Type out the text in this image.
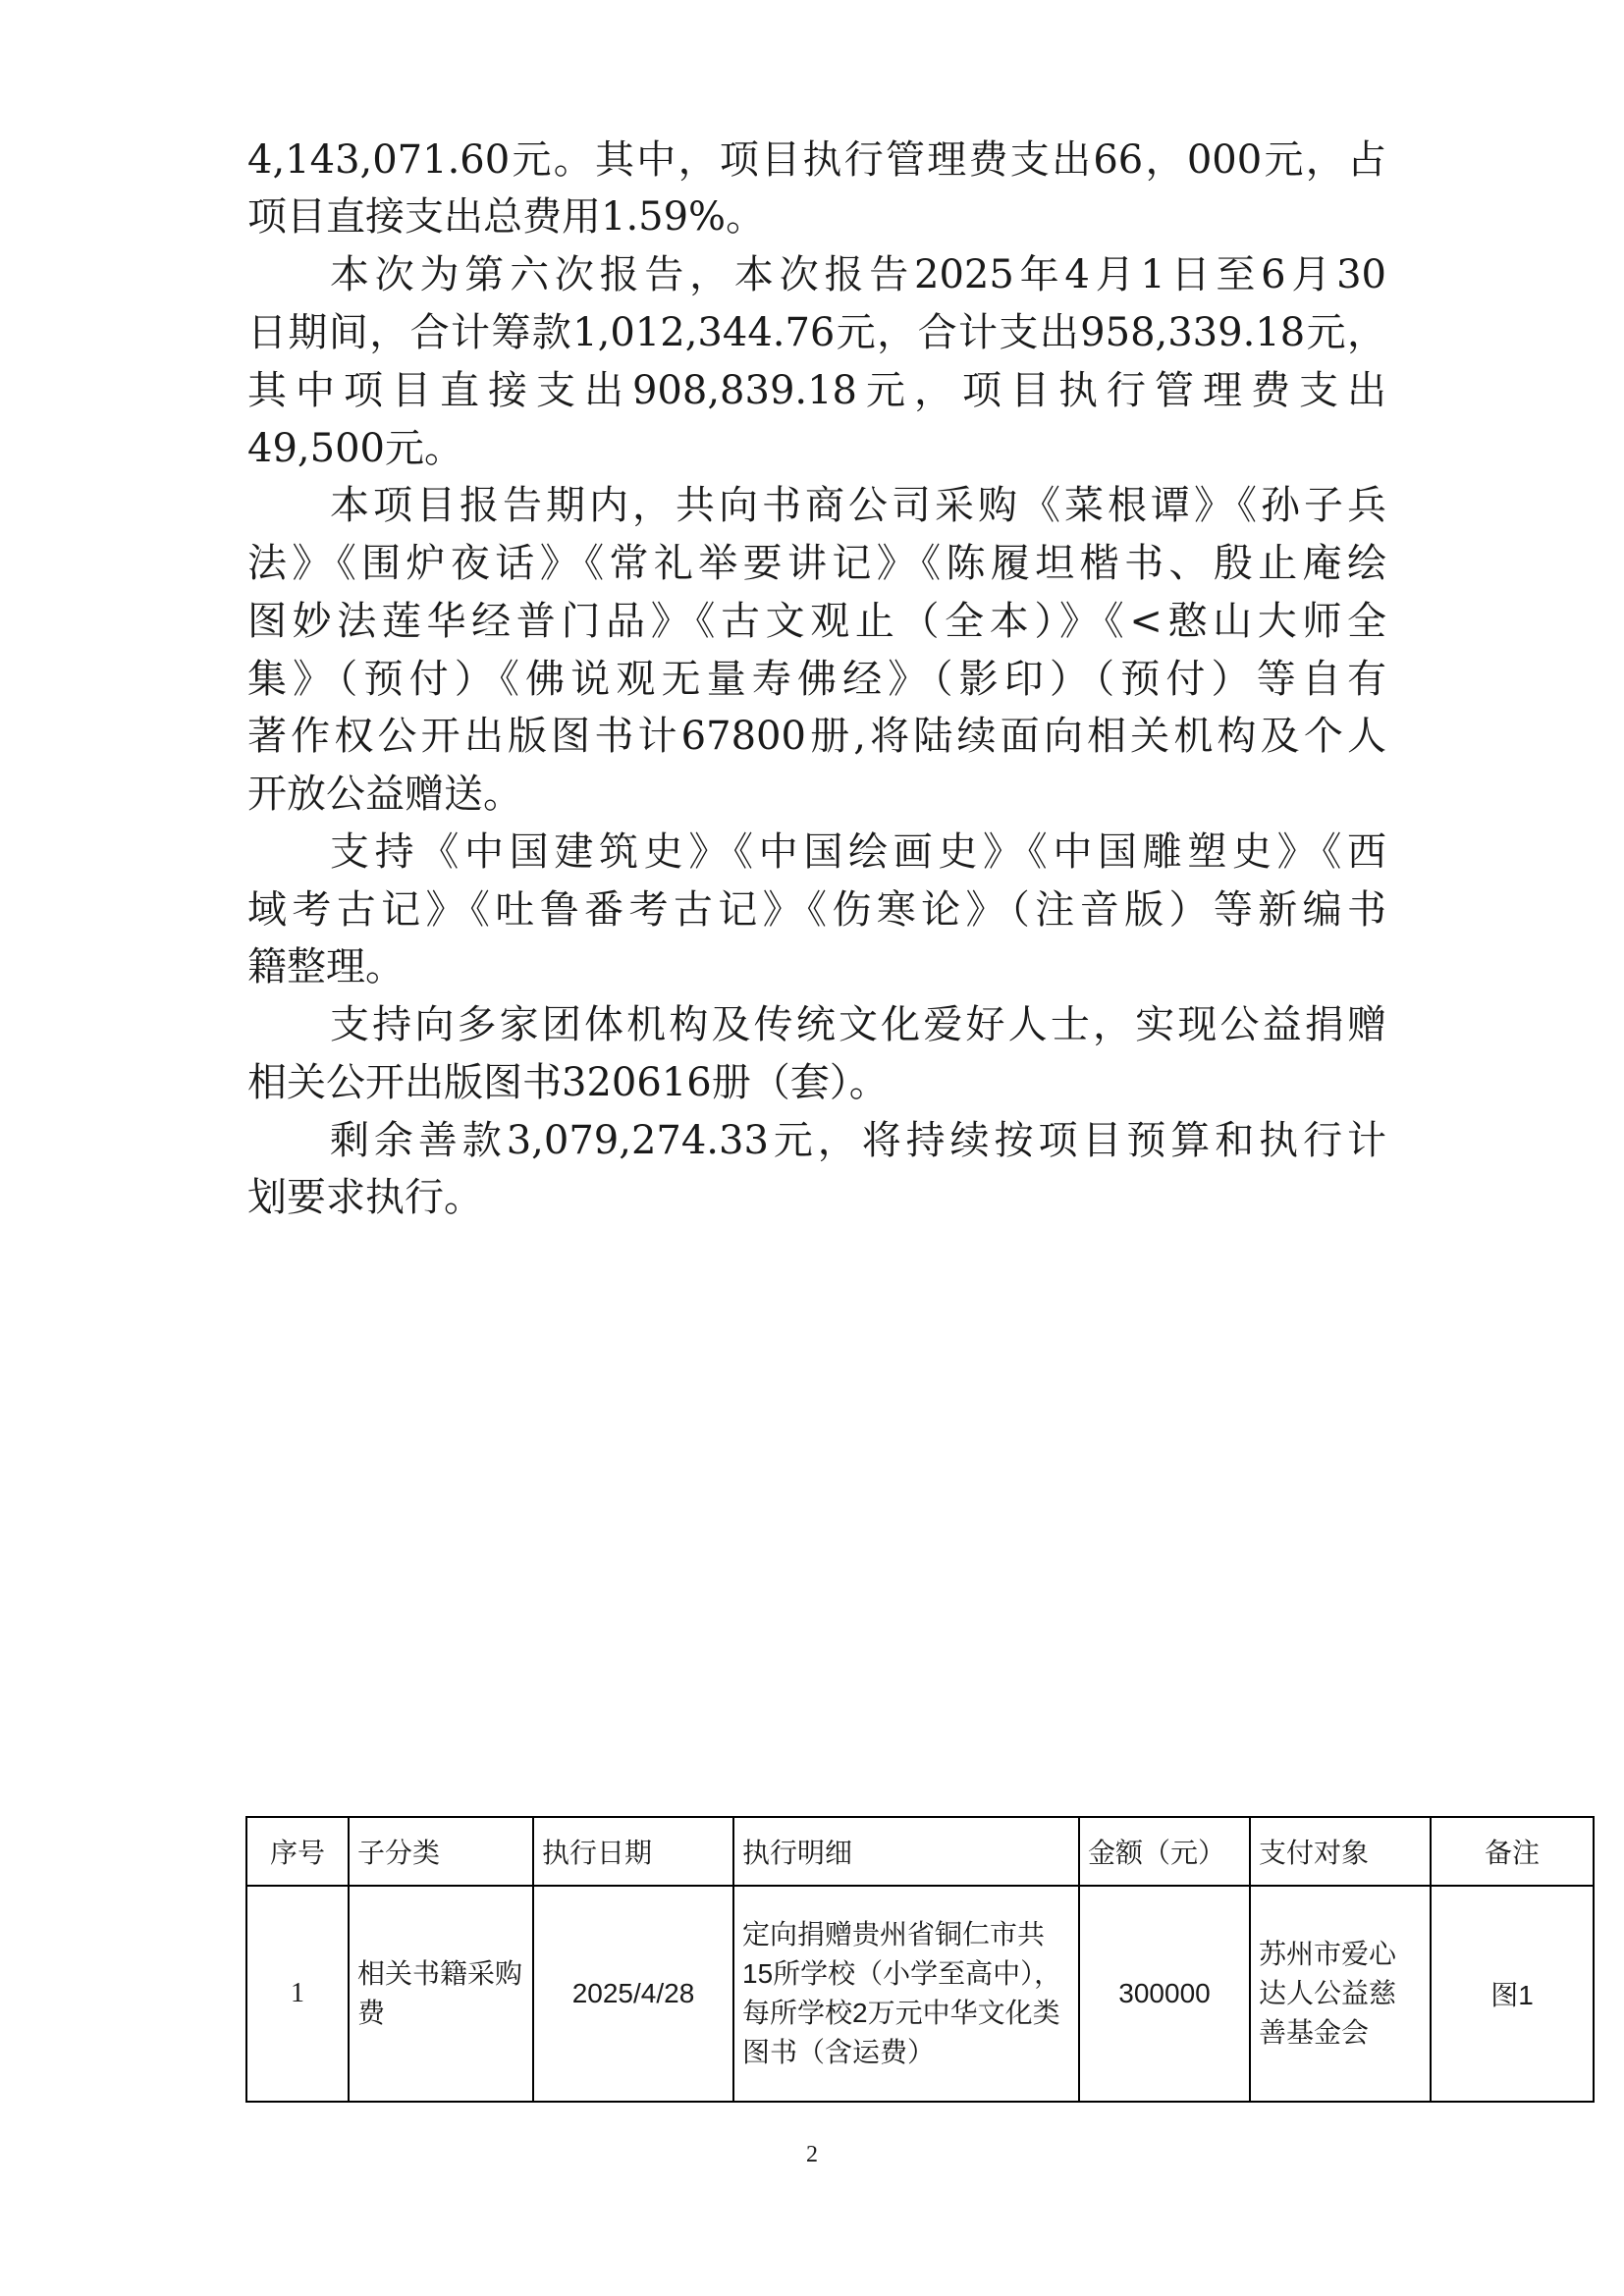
4,143,071.60元。其中，项目执行管理费支出66，000元，占
项目直接支出总费用1.59%。
本次为第六次报告，本次报告2025年4月1日至6月30
日期间，合计筹款1,012,344.76元，合计支出958,339.18元，
其中项目直接支出908,839.18元，项目执行管理费支出
49,500元。
本项目报告期内，共向书商公司采购《菜根谭》《孙子兵
法》《围炉夜话》《常礼举要讲记》《陈履坦楷书、殷止庵绘
图妙法莲华经普门品》《古文观止（全本）》《<憨山大师全
集》（预付）《佛说观无量寿佛经》（影印）（预付）等自有
著作权公开出版图书计67800册,将陆续面向相关机构及个人
开放公益赠送。
支持《中国建筑史》《中国绘画史》《中国雕塑史》《西
域考古记》《吐鲁番考古记》《伤寒论》（注音版）等新编书
籍整理。
支持向多家团体机构及传统文化爱好人士，实现公益捐赠
相关公开出版图书320616册（套）。
剩余善款3,079,274.33元，将持续按项目预算和执行计
划要求执行。
序号	子分类	执行日期	执行明细	金额（元）	支付对象	备注
1	相关书籍采购费	2025/4/28	定向捐赠贵州省铜仁市共15所学校（小学至高中），每所学校2万元中华文化类图书（含运费）	300000	苏州市爱心达人公益慈善基金会	图1
2
